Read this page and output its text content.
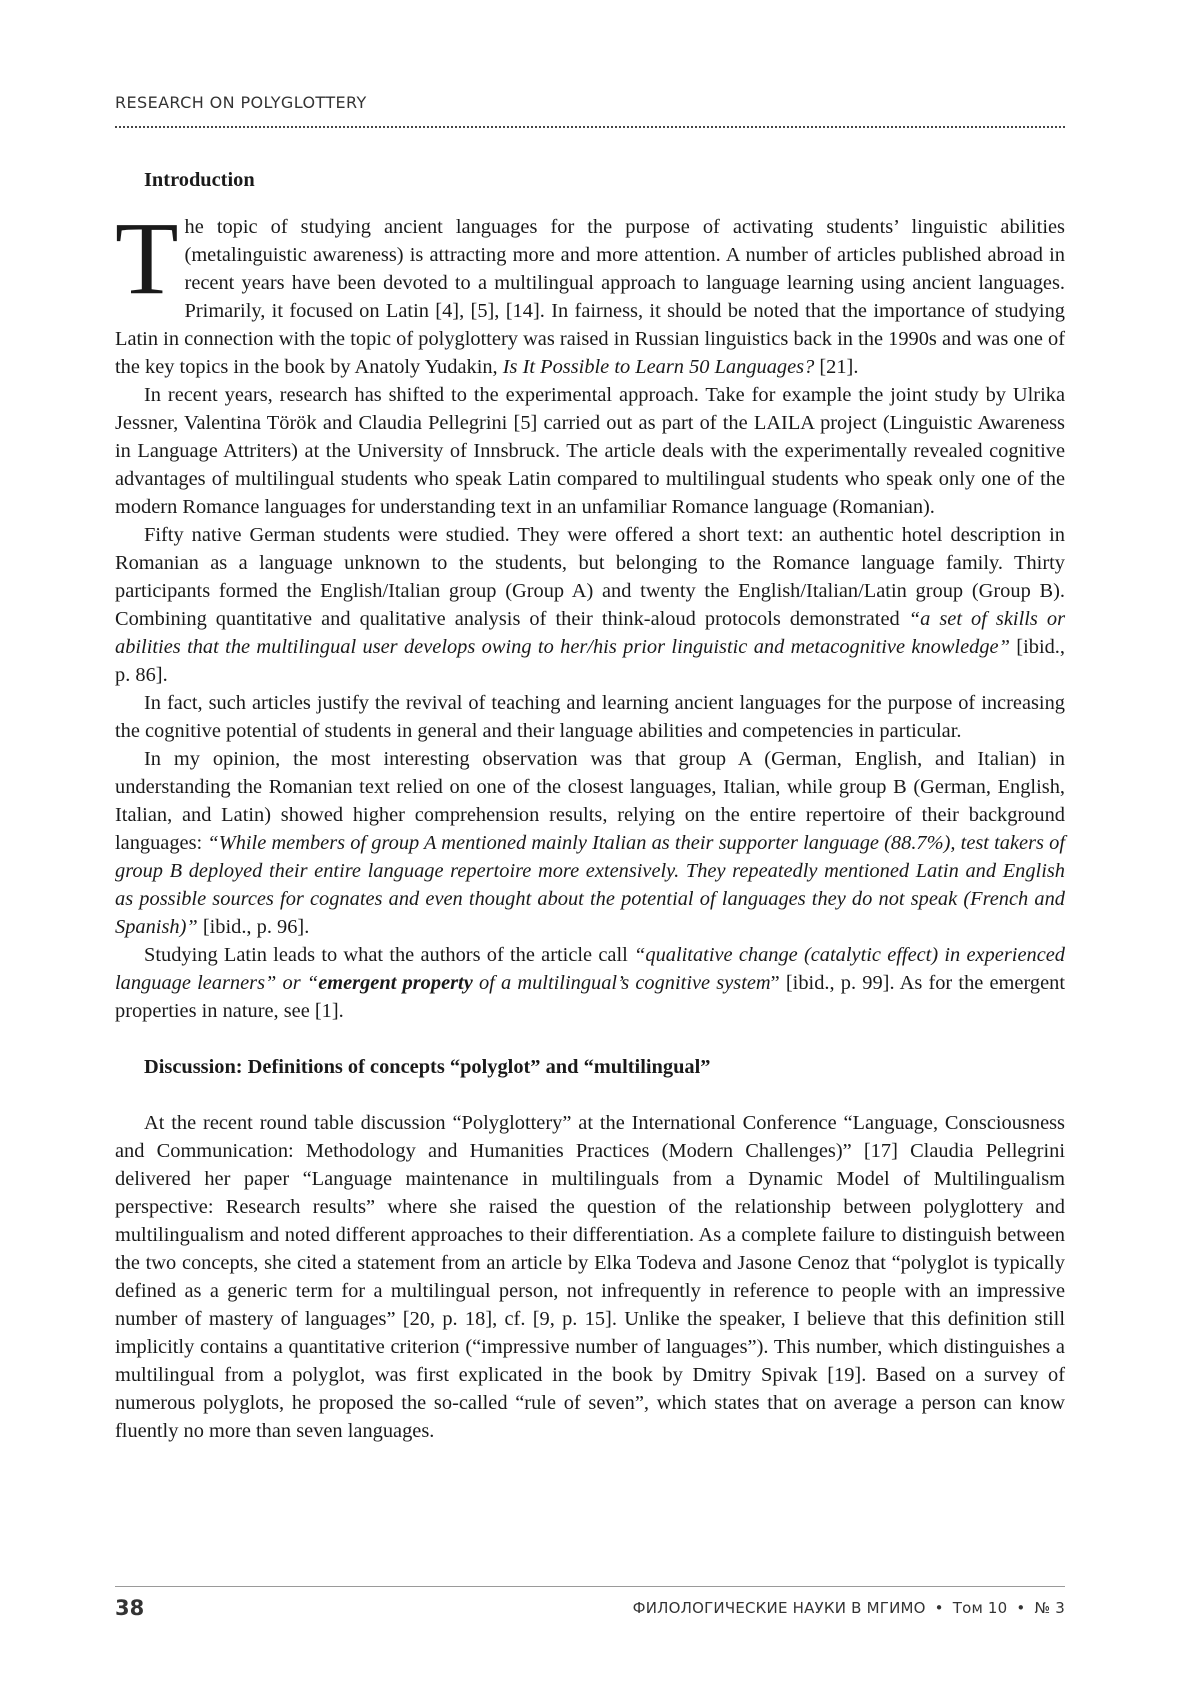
RESEARCH ON POLYGLOTTERY
Introduction

The topic of studying ancient languages for the purpose of activating students’ linguistic abilities (metalinguistic awareness) is attracting more and more attention. A number of articles published abroad in recent years have been devoted to a multilingual approach to language learning using ancient languages. Primarily, it focused on Latin [4], [5], [14]. In fairness, it should be noted that the importance of studying Latin in connection with the topic of polyglottery was raised in Russian linguistics back in the 1990s and was one of the key topics in the book by Anatoly Yudakin, Is It Possible to Learn 50 Languages? [21].

In recent years, research has shifted to the experimental approach. Take for example the joint study by Ulrika Jessner, Valentina Török and Claudia Pellegrini [5] carried out as part of the LAILA project (Linguistic Awareness in Language Attriters) at the University of Innsbruck. The article deals with the experimentally revealed cognitive advantages of multilingual students who speak Latin compared to multilingual students who speak only one of the modern Romance languages for understanding text in an unfamiliar Romance language (Romanian).

Fifty native German students were studied. They were offered a short text: an authentic hotel description in Romanian as a language unknown to the students, but belonging to the Romance language family. Thirty participants formed the English/Italian group (Group A) and twenty the English/Italian/Latin group (Group B). Combining quantitative and qualitative analysis of their think-aloud protocols demonstrated “a set of skills or abilities that the multilingual user develops owing to her/his prior linguistic and metacognitive knowledge” [ibid., p. 86].

In fact, such articles justify the revival of teaching and learning ancient languages for the purpose of increasing the cognitive potential of students in general and their language abilities and competencies in particular.

In my opinion, the most interesting observation was that group A (German, English, and Italian) in understanding the Romanian text relied on one of the closest languages, Italian, while group B (German, English, Italian, and Latin) showed higher comprehension results, relying on the entire repertoire of their background languages: “While members of group A mentioned mainly Italian as their supporter language (88.7%), test takers of group B deployed their entire language repertoire more extensively. They repeatedly mentioned Latin and English as possible sources for cognates and even thought about the potential of languages they do not speak (French and Spanish)” [ibid., p. 96].

Studying Latin leads to what the authors of the article call “qualitative change (catalytic effect) in experienced language learners” or “emergent property of a multilingual’s cognitive system” [ibid., p. 99]. As for the emergent properties in nature, see [1].

Discussion: Definitions of concepts “polyglot” and “multilingual”

At the recent round table discussion “Polyglottery” at the International Conference “Language, Consciousness and Communication: Methodology and Humanities Practices (Modern Challenges)” [17] Claudia Pellegrini delivered her paper “Language maintenance in multilinguals from a Dynamic Model of Multilingualism perspective: Research results” where she raised the question of the relationship between polyglottery and multilingualism and noted different approaches to their differentiation. As a complete failure to distinguish between the two concepts, she cited a statement from an article by Elka Todeva and Jasone Cenoz that “polyglot is typically defined as a generic term for a multilingual person, not infrequently in reference to people with an impressive number of mastery of languages” [20, p. 18], cf. [9, p. 15]. Unlike the speaker, I believe that this definition still implicitly contains a quantitative criterion (“impressive number of languages”). This number, which distinguishes a multilingual from a polyglot, was first explicated in the book by Dmitry Spivak [19]. Based on a survey of numerous polyglots, he proposed the so-called “rule of seven”, which states that on average a person can know fluently no more than seven languages.

38	ФИЛОЛОГИЧЕСКИЕ НАУКИ В МГИМО • Том 10 • № 3
